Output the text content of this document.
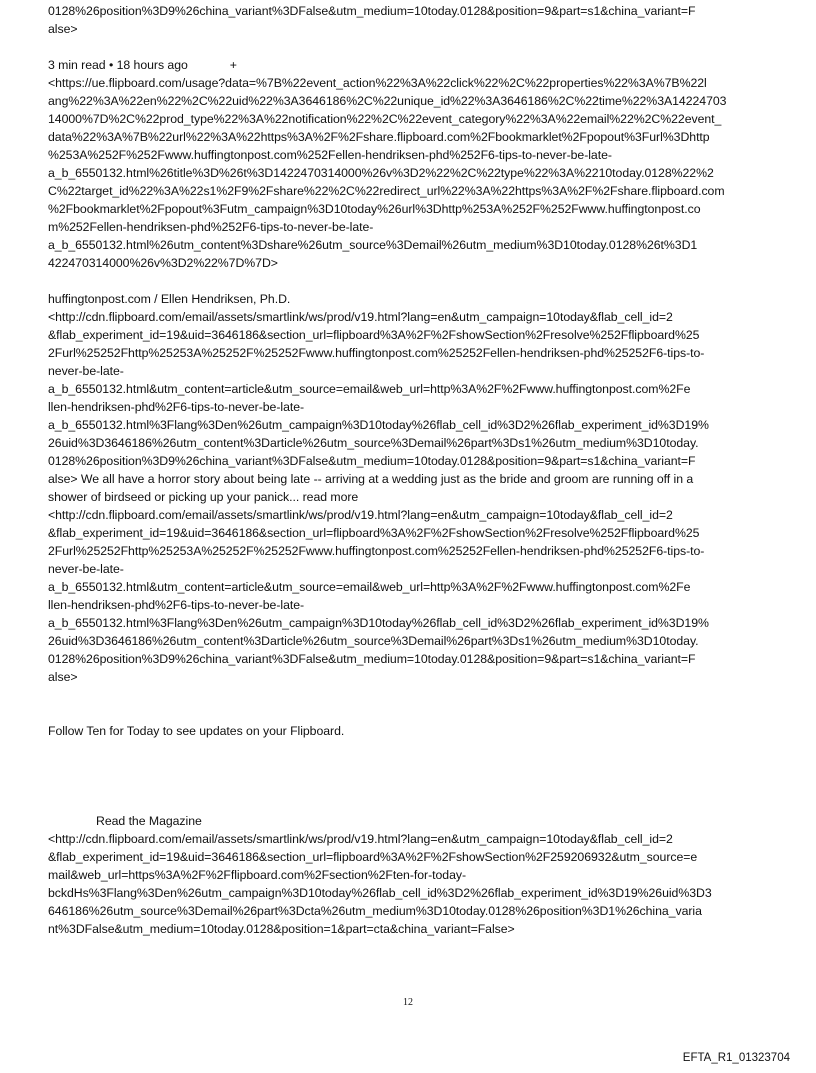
0128%26position%3D9%26china_variant%3DFalse&utm_medium=10today.0128&position=9&part=s1&china_variant=F
alse>
3 min read • 18 hours ago	+
<https://ue.flipboard.com/usage?data=%7B%22event_action%22%3A%22click%22%2C%22properties%22%3A%7B%22l
ang%22%3A%22en%22%2C%22uid%22%3A3646186%2C%22unique_id%22%3A3646186%2C%22time%22%3A14224703
14000%7D%2C%22prod_type%22%3A%22notification%22%2C%22event_category%22%3A%22email%22%2C%22event_
data%22%3A%7B%22url%22%3A%22https%3A%2F%2Fshare.flipboard.com%2Fbookmarklet%2Fpopout%3Furl%3Dhttp
%253A%252F%252Fwww.huffingtonpost.com%252Fellen-hendriksen-phd%252F6-tips-to-never-be-late-
a_b_6550132.html%26title%3D%26t%3D1422470314000%26v%3D2%22%2C%22type%22%3A%2210today.0128%22%2
C%22target_id%22%3A%22s1%2F9%2Fshare%22%2C%22redirect_url%22%3A%22https%3A%2F%2Fshare.flipboard.com
%2Fbookmarklet%2Fpopout%3Futm_campaign%3D10today%26url%3Dhttp%253A%252F%252Fwww.huffingtonpost.co
m%252Fellen-hendriksen-phd%252F6-tips-to-never-be-late-
a_b_6550132.html%26utm_content%3Dshare%26utm_source%3Demail%26utm_medium%3D10today.0128%26t%3D1
422470314000%26v%3D2%22%7D%7D>
huffingtonpost.com / Ellen Hendriksen, Ph.D.
<http://cdn.flipboard.com/email/assets/smartlink/ws/prod/v19.html?lang=en&utm_campaign=10today&flab_cell_id=2
&flab_experiment_id=19&uid=3646186&section_url=flipboard%3A%2F%2FshowSection%2Fresolve%252Fflipboard%25
2Furl%25252Fhttp%25253A%25252F%25252Fwww.huffingtonpost.com%25252Fellen-hendriksen-phd%25252F6-tips-to-
never-be-late-
a_b_6550132.html&utm_content=article&utm_source=email&web_url=http%3A%2F%2Fwww.huffingtonpost.com%2Fe
llen-hendriksen-phd%2F6-tips-to-never-be-late-
a_b_6550132.html%3Flang%3Den%26utm_campaign%3D10today%26flab_cell_id%3D2%26flab_experiment_id%3D19%
26uid%3D3646186%26utm_content%3Darticle%26utm_source%3Demail%26part%3Ds1%26utm_medium%3D10today.
0128%26position%3D9%26china_variant%3DFalse&utm_medium=10today.0128&position=9&part=s1&china_variant=F
alse> We all have a horror story about being late -- arriving at a wedding just as the bride and groom are running off in a
shower of birdseed or picking up your panick... read more
<http://cdn.flipboard.com/email/assets/smartlink/ws/prod/v19.html?lang=en&utm_campaign=10today&flab_cell_id=2
&flab_experiment_id=19&uid=3646186&section_url=flipboard%3A%2F%2FshowSection%2Fresolve%252Fflipboard%25
2Furl%25252Fhttp%25253A%25252F%25252Fwww.huffingtonpost.com%25252Fellen-hendriksen-phd%25252F6-tips-to-
never-be-late-
a_b_6550132.html&utm_content=article&utm_source=email&web_url=http%3A%2F%2Fwww.huffingtonpost.com%2Fe
llen-hendriksen-phd%2F6-tips-to-never-be-late-
a_b_6550132.html%3Flang%3Den%26utm_campaign%3D10today%26flab_cell_id%3D2%26flab_experiment_id%3D19%
26uid%3D3646186%26utm_content%3Darticle%26utm_source%3Demail%26part%3Ds1%26utm_medium%3D10today.
0128%26position%3D9%26china_variant%3DFalse&utm_medium=10today.0128&position=9&part=s1&china_variant=F
alse>
Follow Ten for Today to see updates on your Flipboard.
Read the Magazine
<http://cdn.flipboard.com/email/assets/smartlink/ws/prod/v19.html?lang=en&utm_campaign=10today&flab_cell_id=2
&flab_experiment_id=19&uid=3646186&section_url=flipboard%3A%2F%2FshowSection%2F259206932&utm_source=e
mail&web_url=https%3A%2F%2Fflipboard.com%2Fsection%2Ften-for-today-
bckdHs%3Flang%3Den%26utm_campaign%3D10today%26flab_cell_id%3D2%26flab_experiment_id%3D19%26uid%3D3
646186%26utm_source%3Demail%26part%3Dcta%26utm_medium%3D10today.0128%26position%3D1%26china_varia
nt%3DFalse&utm_medium=10today.0128&position=1&part=cta&china_variant=False>
12
EFTA_R1_01323704
